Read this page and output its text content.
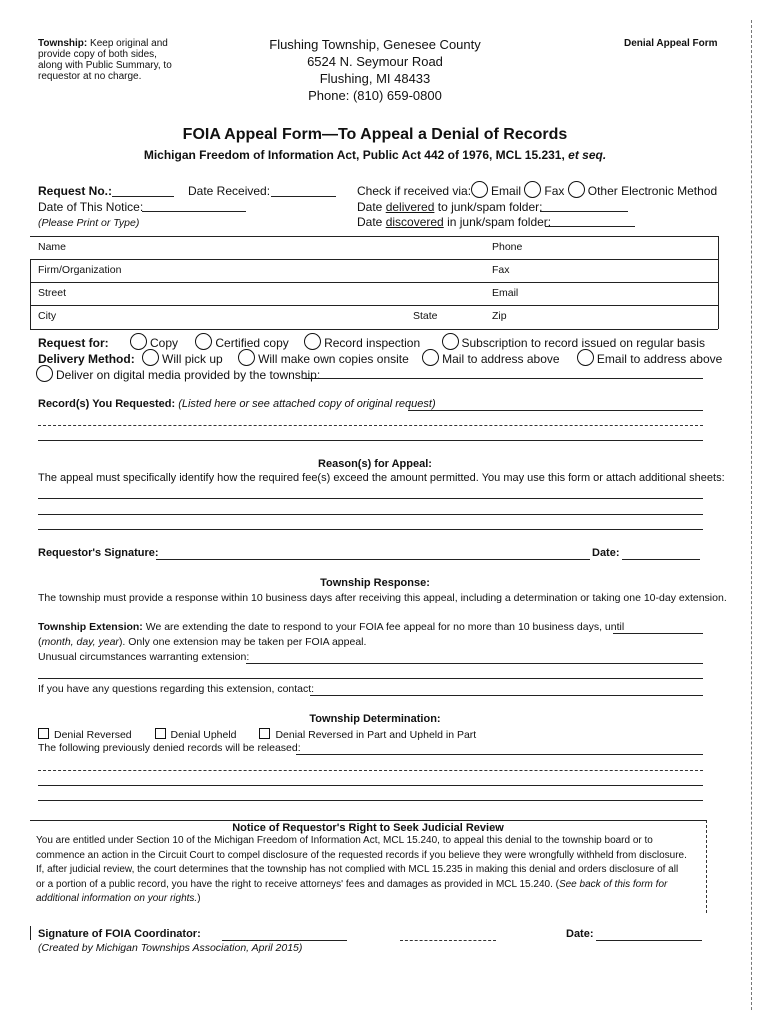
Township: Keep original and provide copy of both sides, along with Public Summary, to requestor at no charge.
Flushing Township, Genesee County
6524 N. Seymour Road
Flushing, MI 48433
Phone: (810) 659-0800
Denial Appeal Form
FOIA Appeal Form—To Appeal a Denial of Records
Michigan Freedom of Information Act, Public Act 442 of 1976, MCL 15.231, et seq.
Request No.:	Date Received:
Date of This Notice:
(Please Print or Type)
Check if received via: Email Fax Other Electronic Method
Date delivered to junk/spam folder:
Date discovered in junk/spam folder:
Name	Phone
Firm/Organization	Fax
Street	Email
City	State	Zip
Request for:	Copy	Certified copy	Record inspection	Subscription to record issued on regular basis
Delivery Method: Will pick up	Will make own copies onsite	Mail to address above	Email to address above
Deliver on digital media provided by the township:
Record(s) You Requested: (Listed here or see attached copy of original request)
Reason(s) for Appeal:
The appeal must specifically identify how the required fee(s) exceed the amount permitted. You may use this form or attach additional sheets:
Requestor's Signature:	Date:
Township Response:
The township must provide a response within 10 business days after receiving this appeal, including a determination or taking one 10-day extension.
Township Extension: We are extending the date to respond to your FOIA fee appeal for no more than 10 business days, until
(month, day, year). Only one extension may be taken per FOIA appeal.
Unusual circumstances warranting extension:
If you have any questions regarding this extension, contact:
Township Determination:
Denial Reversed	Denial Upheld	Denial Reversed in Part and Upheld in Part
The following previously denied records will be released:
Notice of Requestor's Right to Seek Judicial Review
You are entitled under Section 10 of the Michigan Freedom of Information Act, MCL 15.240, to appeal this denial to the township board or to
commence an action in the Circuit Court to compel disclosure of the requested records if you believe they were wrongfully withheld from disclosure.
If, after judicial review, the court determines that the township has not complied with MCL 15.235 in making this denial and orders disclosure of all
or a portion of a public record, you have the right to receive attorneys' fees and damages as provided in MCL 15.240. (See back of this form for
additional information on your rights.)
Signature of FOIA Coordinator:	Date:
(Created by Michigan Townships Association, April 2015)
